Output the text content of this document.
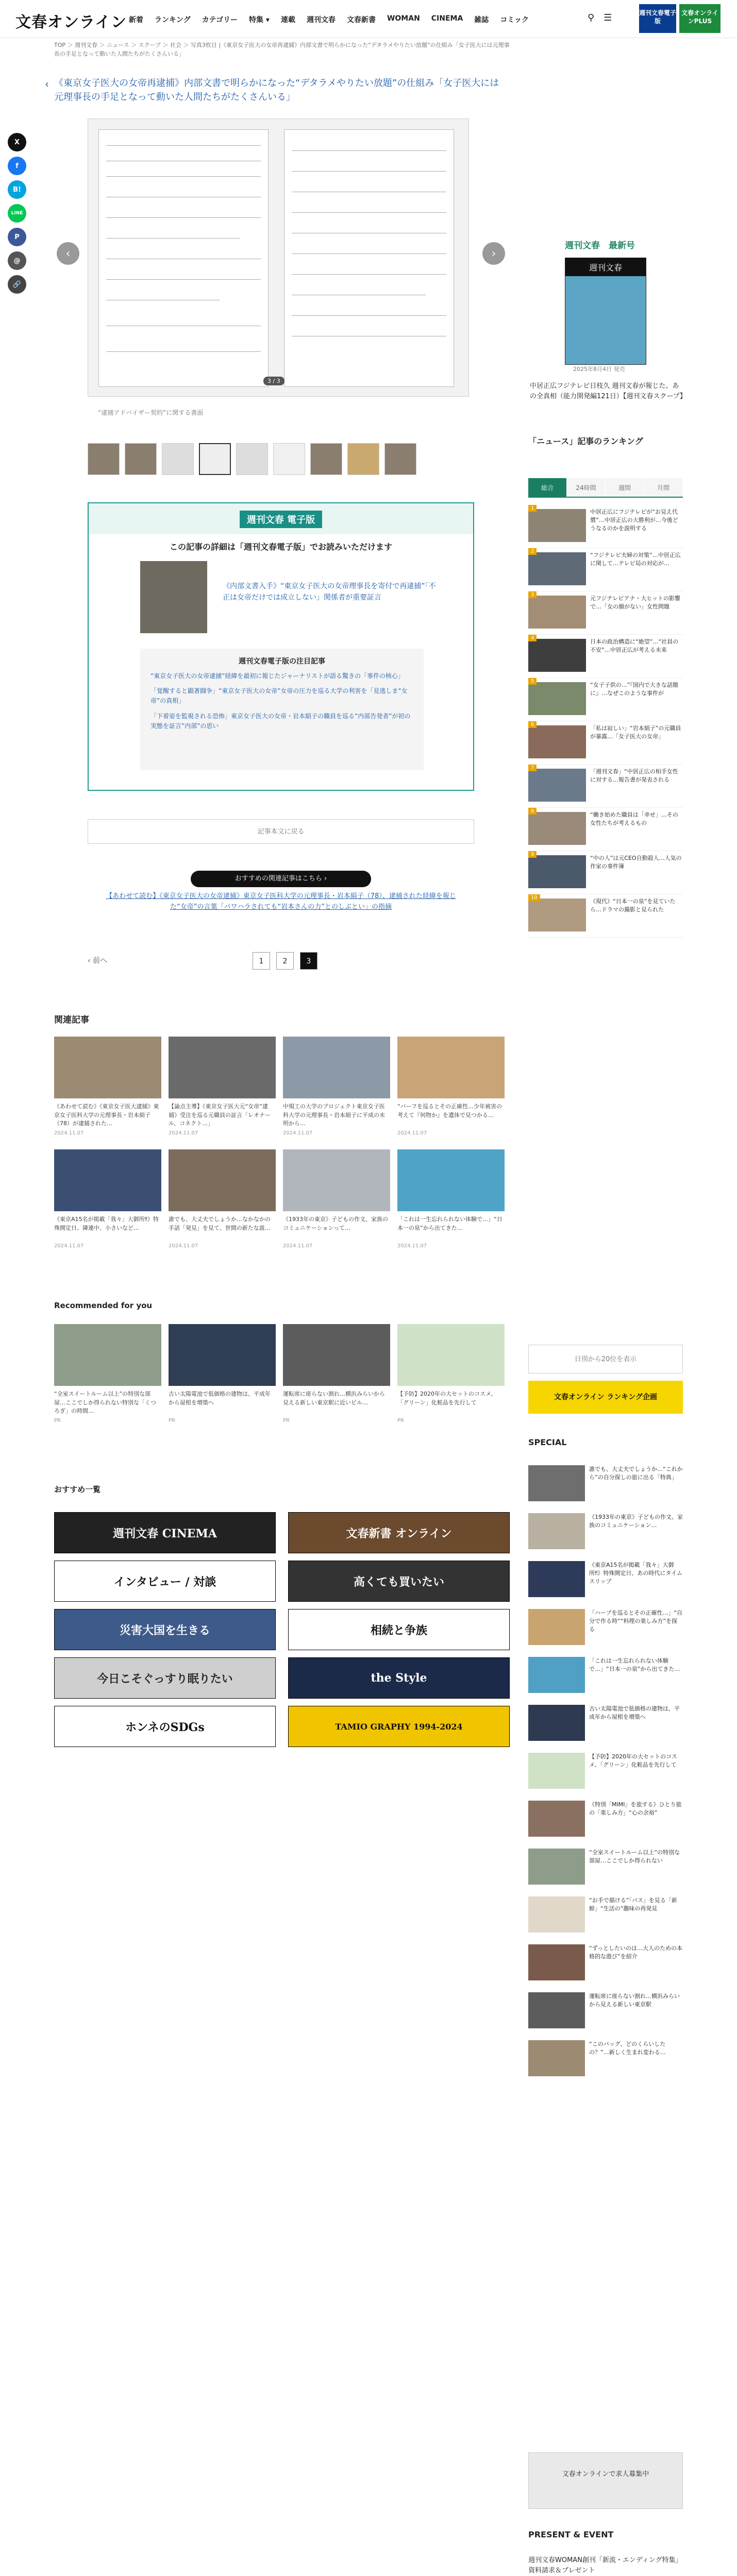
文春オンライン 新着 ランキング カテゴリー 特集 ▾ 連載 週刊文春 文春新書 WOMAN CINEMA 雑誌 コミック	⚲ ☰	週刊文春電子版
文春オンラインPLUS
TOP ＞ 週刊文春 ＞ ニュース ＞ スクープ ＞ 社会 ＞ 写真3枚目 |《東京女子医大の女帝再逮捕》内部文書で明らかになった“デタラメやりたい放題”の仕組み「女子医大には元理事長の手足となって動いた人間たちがたくさんいる」
X
f
B!
LINE
P
@
🔗
‹ 《東京女子医大の女帝再逮捕》内部文書で明らかになった“デタラメやりたい放題”の仕組み「女子医大には元理事長の手足となって動いた人間たちがたくさんいる」
‹	›
3 / 3
“逮捕アドバイザー契約”に関する書面
週刊文春 電子版
この記事の詳細は「週刊文春電子版」でお読みいただけます
《内部文書入手》“東京女子医大の女帝理事長を寄付で再逮捕”「不正は女帝だけでは成立しない」関係者が重要証言
週刊文春電子版の注目記事
“東京女子医大の女帝逮捕”経緯を最初に報じたジャーナリストが語る驚きの「事件の核心」
「覚醒すると顕著闘争」“東京女子医大の女帝”女帝の圧力を巡る大学の利害を「見逃しま“女帝”の真相」
「下着姿を監視される恐怖」東京女子医大の女帝・岩本絹子の職員を巡る“内部告発者”が初の実態を証言“内部”の思い
記事本文に戻る
おすすめの関連記事はこちら ›
【あわせて読む】《東京女子医大の女帝逮捕》東京女子医科大学の元理事長・岩本絹子（78）、逮捕された経緯を報じた“女帝”の言葉「パワハラされても“岩本さんの力”とのしぶとい」の指摘
‹ 前へ	1	2	3
関連記事
《あわせて読む》《東京女子医大逮捕》東京女子医科大学の元理事長・岩本絹子（78）が逮捕された…
2024.11.07
【論点主導】《東京女子医大元“女帝”逮捕》受注を巡る元職員の証言「レオナール、コネクト…」
2024.11.07
中規工の大学のプロジェクト東京女子医科大学の元理事長・岩本絹子に平成の未明から…
2024.11.07
“バーフを巡るとその正確性…少年被害の考えて『何物か』を遺体で見つかる…
2024.11.07
《東京A15名が掲載「我々」大御所‼》特殊開定日、隣連中、小さいなど…
2024.11.07
誰でも、大丈夫でしょうか…なかなかの手話「発見」を見て、世間の新たな説…
2024.11.07
《1933年の東京》子どもの作文、家族のコミュニケーションって…
2024.11.07
「これは一生忘れられない体験で…」“日本一の泉”から出てきた…
2024.11.07
Recommended for you
“全室スイートルーム以上”の特別な部屋…ここでしか得られない特別な「くつろぎ」の時間…
PR
古い太陽電池で低価格の建物は、平成年から屋根を増築へ
PR
運転席に座らない割れ…横浜みらいから見える新しい東京駅に近いビル…
PR
【予防】2020年の大セットのコスメ、「グリーン」化粧品を先行して
PR
おすすめ一覧
週刊文春 CINEMA	文春新書 オンライン
インタビュー / 対談	高くても買いたい
災害大国を生きる	相続と争族
今日こそぐっすり眠りたい	the Style
ホンネのSDGs	TAMIO GRAPHY 1994-2024
週刊文春　最新号
週刊文春
2025年8月4日 発売
中居正広フジテレビ日枝久 週刊文春が報じた、あの全真相（能力開発編121日）【週刊文春スクープ】
「ニュース」記事のランキング
総合	24時間	週間	月間
1
中居正広にフジテレビが“お見え代償”…中居正広の大勝利が…今後どうなるのかを説明する
2
“フジテレビ夫婦の対策”…中居正広に関して…テレビ局の対応が…
3
元フジテレビアナ・大ヒットの影響で…「女の顔がない」女性問題
4
日本の政治構造に“絶望”…“社員の不安”…中居正広が考える未来
5
“女子子供の…”『国内で大きな話題に』…なぜこのような事件が
6
「私は寂しい」“岩本絹子”の元職員が暴露…「女子医大の女帝」
7
「週刊文春」“中居正広の相手女性に対する…報告書が発表される
8
“働き始めた職員は「幸せ」…その女性たちが考えるもの
9
“中の人”は元CEO自動殺人…人気の作家の事件簿
10
《現代》“日本一の泉”を見ていたら…ドラマの撮影と見られた
日別から20位を表示
文春オンライン ランキング企画
SPECIAL
誰でも、大丈夫でしょうか…“これから”の自分探しの旅に出る「特典」
《1933年の東京》子どもの作文、家族のコミュニケーション…
《東京A15名が掲載「我々」大御所‼》特殊開定日、あの時代にタイムスリップ
「ハーブを巡るとその正確性…」“自分で作る時”“料理の楽しみ方”を探る
「これは一生忘れられない体験で…」“日本一の泉”から出てきた…
古い太陽電池で低価格の建物は、平成年から屋根を増築へ
【予防】2020年の大セットのコスメ、「グリーン」化粧品を先行して
《特別「MIMI」を旅する》ひとり旅の「楽しみ方」“心の余裕”
“全室スイートルーム以上”の特別な部屋…ここでしか得られない
“お手で描ける”「パス」を見る「新鮮」“生活の”趣味の再発見
“ずっとしたいのは…大人のための本格的な遊び”を紹介
運転席に座らない割れ…横浜みらいから見える新しい東京駅
“このバッグ、どのくらいしたの？”…新しく生まれ変わる…
文春オンラインで求人募集中
PRESENT & EVENT
週刊文春WOMAN創刊「新流・エンディング特集」資料請求＆プレゼント
